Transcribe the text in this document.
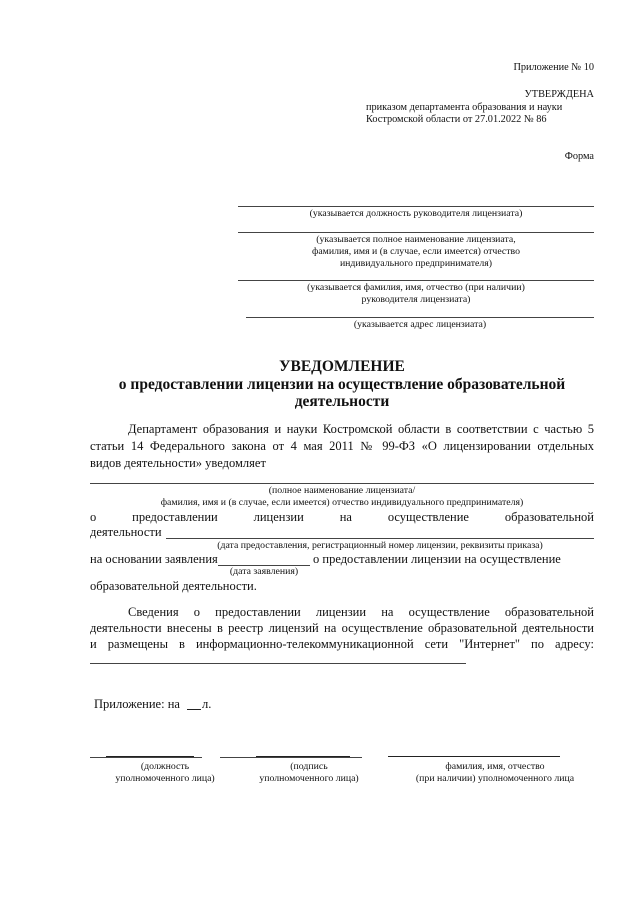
Приложение № 10
УТВЕРЖДЕНА
приказом департамента образования и науки
Костромской области от 27.01.2022 № 86
Форма
(указывается должность руководителя лицензиата)
(указывается полное наименование лицензиата,
фамилия, имя и (в случае, если имеется) отчество
индивидуального предпринимателя)
(указывается фамилия, имя, отчество (при наличии)
руководителя лицензиата)
(указывается адрес лицензиата)
УВЕДОМЛЕНИЕ
о предоставлении лицензии на осуществление образовательной
деятельности
Департамент образования и науки Костромской области в соответствии с частью 5
статьи 14 Федерального закона от 4 мая 2011 № 99-ФЗ «О лицензировании отдельных
видов деятельности» уведомляет
(полное наименование лицензиата/
фамилия, имя и (в случае, если имеется) отчество индивидуального предпринимателя)
о	предоставлении	лицензии	на	осуществление	образовательной
деятельности
(дата предоставления, регистрационный номер лицензии, реквизиты приказа)
на основании заявления	о предоставлении лицензии на осуществление
(дата заявления)
образовательной деятельности.
Сведения о предоставлении лицензии на осуществление образовательной
деятельности внесены в реестр лицензий на осуществление образовательной деятельности
и размещены в информационно-телекоммуникационной сети "Интернет" по адресу:
Приложение: на л.
(должность
уполномоченного лица)
(подпись
уполномоченного лица)
фамилия, имя, отчество
(при наличии) уполномоченного лица
